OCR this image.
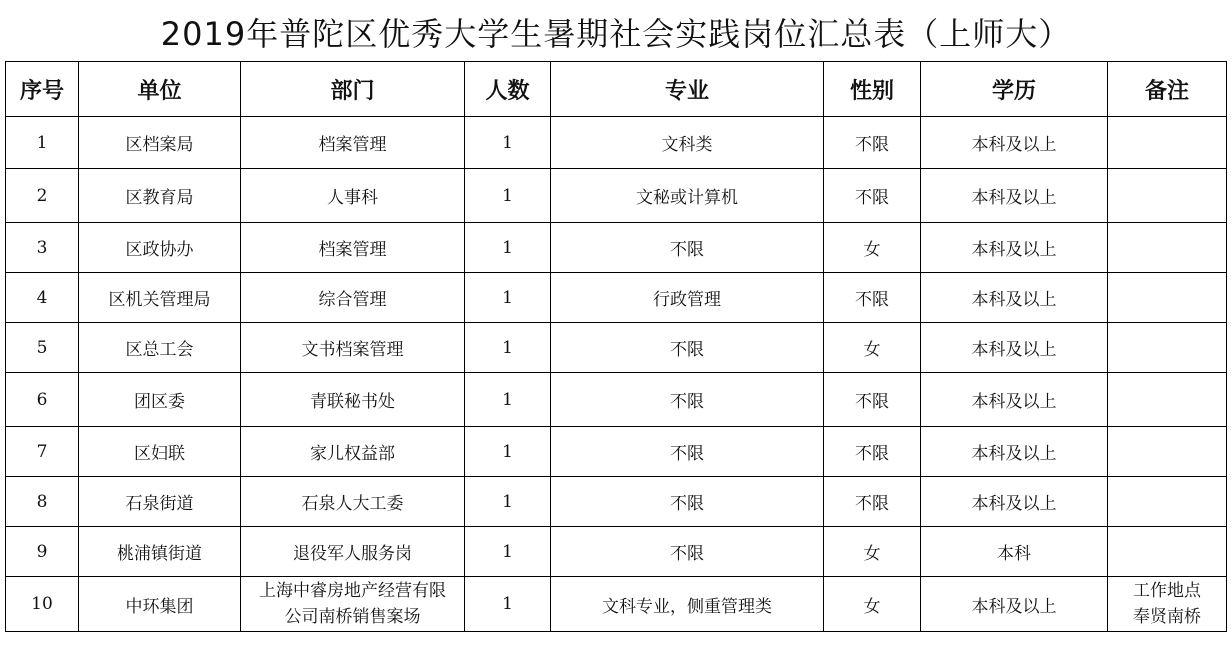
2019年普陀区优秀大学生暑期社会实践岗位汇总表（上师大）
序号	单位	部门	人数	专业	性别	学历	备注
1	区档案局	档案管理	1	文科类	不限	本科及以上	
2	区教育局	人事科	1	文秘或计算机	不限	本科及以上	
3	区政协办	档案管理	1	不限	女	本科及以上	
4	区机关管理局	综合管理	1	行政管理	不限	本科及以上	
5	区总工会	文书档案管理	1	不限	女	本科及以上	
6	团区委	青联秘书处	1	不限	不限	本科及以上	
7	区妇联	家儿权益部	1	不限	不限	本科及以上	
8	石泉街道	石泉人大工委	1	不限	不限	本科及以上	
9	桃浦镇街道	退役军人服务岗	1	不限	女	本科	
10	中环集团	上海中睿房地产经营有限
公司南桥销售案场	1	文科专业，侧重管理类	女	本科及以上	工作地点
奉贤南桥
